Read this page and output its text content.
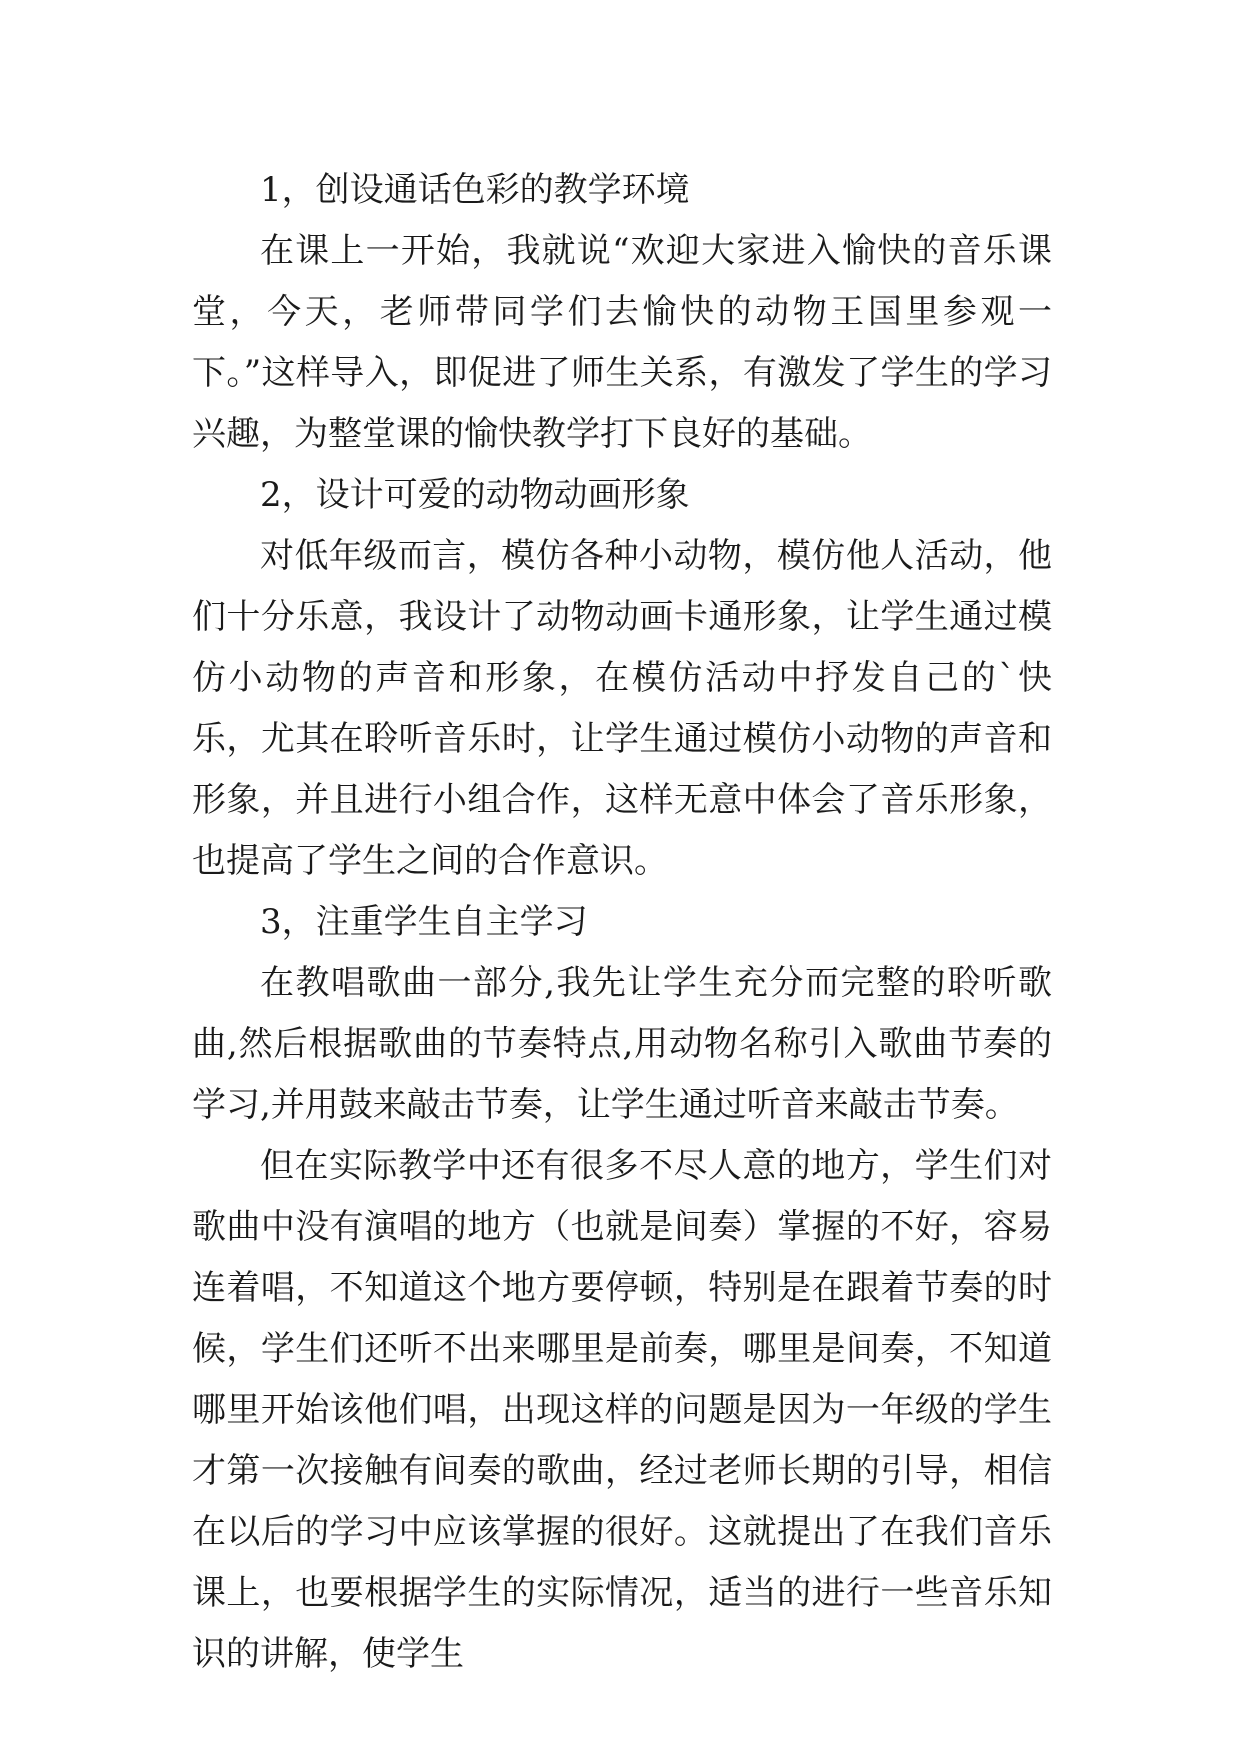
1，创设通话色彩的教学环境

在课上一开始，我就说“欢迎大家进入愉快的音乐课堂，今天，老师带同学们去愉快的动物王国里参观一下。”这样导入，即促进了师生关系，有激发了学生的学习兴趣，为整堂课的愉快教学打下良好的基础。

2，设计可爱的动物动画形象

对低年级而言，模仿各种小动物，模仿他人活动，他们十分乐意，我设计了动物动画卡通形象，让学生通过模仿小动物的声音和形象，在模仿活动中抒发自己的`快乐，尤其在聆听音乐时，让学生通过模仿小动物的声音和形象，并且进行小组合作，这样无意中体会了音乐形象，也提高了学生之间的合作意识。

3，注重学生自主学习

在教唱歌曲一部分,我先让学生充分而完整的聆听歌曲,然后根据歌曲的节奏特点,用动物名称引入歌曲节奏的学习,并用鼓来敲击节奏，让学生通过听音来敲击节奏。

但在实际教学中还有很多不尽人意的地方，学生们对歌曲中没有演唱的地方（也就是间奏）掌握的不好，容易连着唱，不知道这个地方要停顿，特别是在跟着节奏的时候，学生们还听不出来哪里是前奏，哪里是间奏，不知道哪里开始该他们唱，出现这样的问题是因为一年级的学生才第一次接触有间奏的歌曲，经过老师长期的引导，相信在以后的学习中应该掌握的很好。这就提出了在我们音乐课上，也要根据学生的实际情况，适当的进行一些音乐知识的讲解，使学生
